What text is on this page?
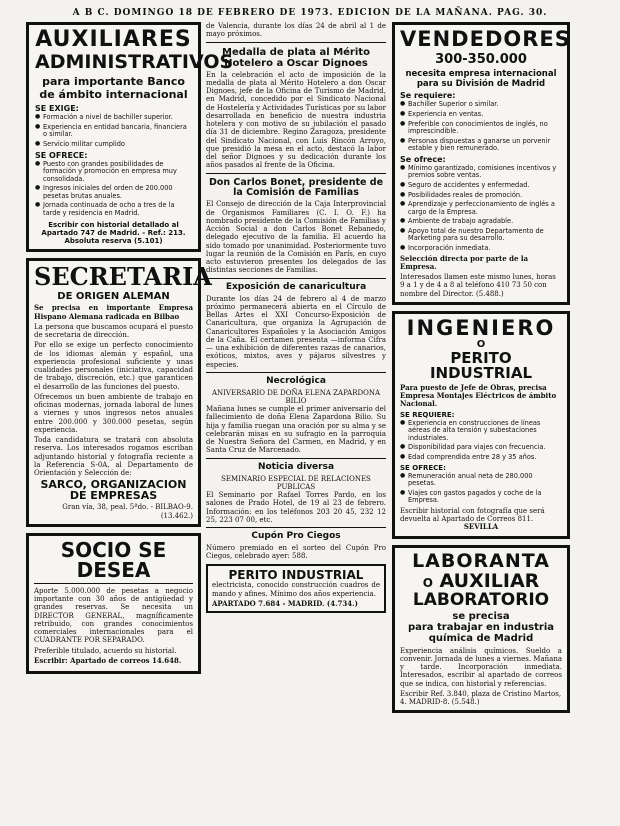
A B C. DOMINGO 18 DE FEBRERO DE 1973. EDICION DE LA MAÑANA. PAG. 30.
AUXILIARES
ADMINISTRATIVOS
para importante Banco de ámbito internacional
SE EXIGE:
● Formación a nivel de bachiller superior.
● Experiencia en entidad bancaria, financiera o similar.
● Servicio militar cumplido
SE OFRECE:
● Puesto con grandes posibilidades de formación y promoción en empresa muy consolidada.
● Ingresos iniciales del orden de 200.000 pesetas brutas anuales.
● Jornada continuada de ocho a tres de la tarde y residencia en Madrid.
Escribir con historial detallado al Apartado 747 de Madrid. - Ref.: 213.
Absoluta reserva (5.101)
SECRETARIA
DE ORIGEN ALEMAN

Se precisa en importante Empresa Hispano Alemana radicada en Bilbao

La persona que buscamos ocupará el puesto de secretaria de dirección.

Por ello se exige un perfecto conocimiento de los idiomas alemán y español, una experiencia profesional suficiente y unas cualidades personales (iniciativa, capacidad de trabajo, discreción, etc.) que garanticen el desarrollo de las funciones del puesto.

Ofrecemos un buen ambiente de trabajo en oficinas modernas, jornada laboral de lunes a viernes y unos ingresos netos anuales entre 200.000 y 300.000 pesetas, según experiencia.

Toda candidatura se tratará con absoluta reserva. Los interesados rogamos escriban adjuntando historial y fotografía reciente a la Referencia S-0A, al Departamento de Orientación y Selección de:

SARCO, ORGANIZACION
DE EMPRESAS
Gran vía, 38, peal. 5ªdo. - BILBAO-9. (13.462.)
SOCIO SE DESEA

Aporte 5.000.000 de pesetas a negocio importante con 30 años de antigüedad y grandes reservas. Se necesita un DIRECTOR GENERAL, magníficamente retribuido, con grandes conocimientos comerciales internacionales para el CUADRANTE POR SEPARADO.

Preferible titulado, acuerdo su historial.

Escribir: Apartado de correos 14.648.

de Valencia, durante los días 24 de abril al 1 de mayo próximos.

Medalla de plata al Mérito Hotelero a Oscar Dignoes

En la celebración el acto de imposición de la medalla de plata al Mérito Hotelero a don Oscar Dignoes, jefe de la Oficina de Turismo de Madrid, en Madrid, concedido por el Sindicato Nacional de Hostelería y Actividades Turísticas por su labor desarrollada en beneficio de nuestra industria hotelera y con motivo de su jubilación el pasado día 31 de diciembre. Regino Zaragoza, presidente del Sindicato Nacional, con Luis Rincón Arroyo, que presidió la mesa en el acto, destacó la labor del señor Dignoes y su dedicación durante los años pasados al frente de la Oficina.

Don Carlos Bonet, presidente de la Comisión de Familias

El Consejo de dirección de la Caja Interprovincial de Organismos Familiares (C. I. O. F.) ha nombrado presidente de la Comisión de Familias y Acción Social a don Carlos Bonet Rebanedo, delegado ejecutivo de la familia. El acuerdo ha sido tomado por unanimidad. Posteriormente tuvo lugar la reunión de la Comisión en París, en cuyo acto estuvieron presentes los delegados de las distintas secciones de Familias.

Exposición de canaricultura

Durante los días 24 de febrero al 4 de marzo próximo permanecerá abierta en el Círculo de Bellas Artes el XXI Concurso-Exposición de Canaricultura, que organiza la Agrupación de Canaricultores Españoles y la Asociación Amigos de la Caña. El certamen presenta —informa Cifra— una exhibición de diferentes razas de canarios, exóticos, mixtos, aves y pájaros silvestres y especies.

Necrológica
ANIVERSARIO DE DOÑA ELENA ZAPARDONA BILIO

Mañana lunes se cumple el primer aniversario del fallecimiento de doña Elena Zapardona Bilio. Su hija y familia ruegan una oración por su alma y se celebrarán misas en su sufragio en la parroquia de Nuestra Señora del Carmen, en Madrid, y en Santa Cruz de Marcenado.

Noticia diversa
SEMINARIO ESPECIAL DE RELACIONES PUBLICAS

El Seminario por Rafael Torres Pardo, en los salones de Prado Hotel, de 19 al 23 de febrero. Información: en los teléfonos 203 20 45, 232 12 25, 223 07 00, etc.

Cupón Pro Ciegos

Número premiado en el sorteo del Cupón Pro Ciegos, celebrado ayer: 588.

PERITO INDUSTRIAL

electricista, conocido construcción cuadros de mando y afines. Mínimo dos años experiencia.

APARTADO 7.684 - MADRID. (4.734.)
VENDEDORES
300-350.000
necesita empresa internacional para su División de Madrid
Se requiere:
● Bachiller Superior o similar.
● Experiencia en ventas.
● Preferible con conocimientos de inglés, no imprescindible.
● Personas dispuestas a ganarse un porvenir estable y bien remunerado.
Se ofrece:
● Mínimo garantizado, comisiones incentivos y premios sobre ventas.
● Seguro de accidentes y enfermedad.
● Posibilidades reales de promoción.
● Aprendizaje y perfeccionamiento de inglés a cargo de la Empresa.
● Ambiente de trabajo agradable.
● Apoyo total de nuestro Departamento de Marketing para su desarrollo.
● Incorporación inmediata.
Selección directa por parte de la Empresa.
Interesados llamen este mismo lunes, horas 9 a 1 y de 4 a 8 al teléfono 410 73 50 con nombre del Director. (5.488.)
INGENIERO
O
PERITO INDUSTRIAL
Para puesto de Jefe de Obras, precisa Empresa Montajes Eléctricos de ámbito Nacional.
SE REQUIERE:
● Experiencia en construcciones de líneas aéreas de alta tensión y subestaciones industriales.
● Disponibilidad para viajes con frecuencia.
● Edad comprendida entre 28 y 35 años.
SE OFRECE:
● Remuneración anual neta de 280.000 pesetas.
● Viajes con gastos pagados y coche de la Empresa.
Escribir historial con fotografía que será devuelta al Apartado de Correos 811.
SEVILLA
LABORANTA
O AUXILIAR
LABORATORIO
se precisa
para trabajar en industria química de Madrid

Experiencia análisis químicos. Sueldo a convenir. Jornada de lunes a viernes. Mañana y tarde. Incorporación inmediata. Interesados, escribir al apartado de correos que se indica, con historial y referencias.

Escribir Ref. 3.840, plaza de Cristino Martos, 4. MADRID-8. (5.548.)
